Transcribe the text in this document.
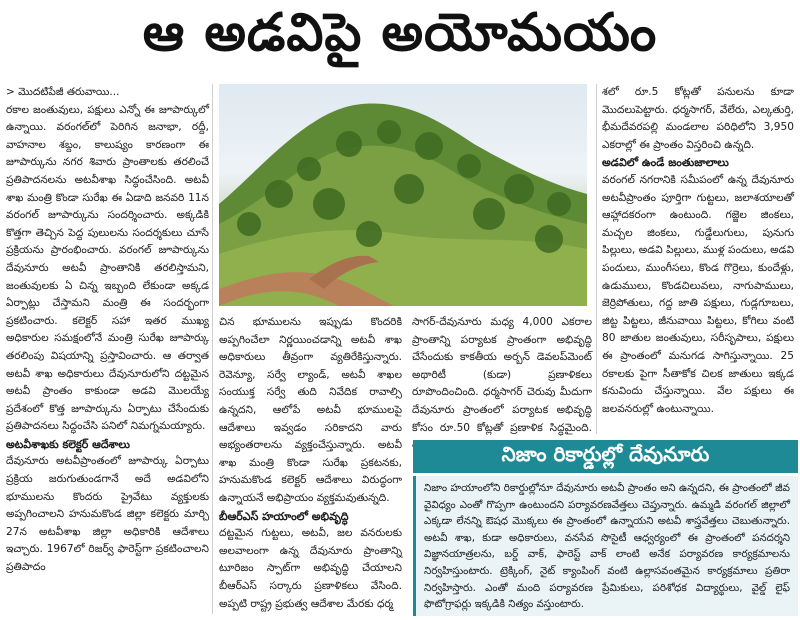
ఆ అడవిపై అయోమయం

> మొదటిపేజీ తరువాయి...

రకాల జంతువులు, పక్షులు ఎన్నో ఈ జూపార్కులో ఉన్నాయి. వరంగల్‌లో పెరిగిన జనాభా, రద్దీ, వాహనాల శబ్దం, కాలుష్యం కారణంగా ఈ జూపార్కును నగర శివారు ప్రాంతాలకు తరలించే ప్రతిపాదనలను అటవీశాఖ సిద్ధంచేసింది. అటవీ శాఖ మంత్రి కొండా సురేఖ ఈ ఏడాది జనవరి 11న వరంగల్ జూపార్కును సందర్శించారు. అక్కడికి కొత్తగా తెచ్చిన పెద్ద పులులను సందర్శకులు చూసే ప్రక్రియను ప్రారంభించారు. వరంగల్ జూపార్కును దేవునూరు అటవీ ప్రాంతానికి తరలిస్తామని, జంతువులకు ఏ చిన్న ఇబ్బంది లేకుండా అక్కడ ఏర్పాట్లు చేస్తామని మంత్రి ఈ సందర్భంగా ప్రకటించారు. కలెక్టర్ సహా ఇతర ముఖ్య అధికారుల సమక్షంలోనే మంత్రి సురేఖ జూపార్కు తరలింపు విషయాన్ని ప్రస్తావించారు. ఆ తర్వాత అటవీ శాఖ అధికారులు దేవునూరులోని దట్టమైన అటవీ ప్రాంతం కాకుండా అడవి మొలయ్యే ప్రదేశంలో కొత్త జూపార్కును ఏర్పాటు చేసేందుకు ప్రతిపాదనలు సిద్ధంచేసి పనిలో నిమగ్నమయ్యారు.

అటవీశాఖకు కలెక్టర్ ఆదేశాలు

దేవునూరు అటవీప్రాంతంలో జూపార్కు ఏర్పాటు ప్రక్రియ జరుగుతుండగానే అదే అడవిలోని భూములను కొందరు ప్రైవేటు వ్యక్తులకు అప్పగించాలని హనుమకొండ జిల్లా కలెక్టరు మార్చి 27న అటవీశాఖ జిల్లా అధికారికి ఆదేశాలు ఇచ్చారు. 1967లో రిజర్వ్ ఫారెస్ట్‌గా ప్రకటించాలని ప్రతిపాదం

చిన భూములను ఇప్పుడు కొందరికి అప్పగించేలా నిర్ణయించడాన్ని అటవీ శాఖ అధికారులు తీవ్రంగా వ్యతిరేకిస్తున్నారు. రెవెన్యూ, సర్వే ల్యాండ్, అటవీ శాఖల సంయుక్త సర్వే తుది నివేదిక రావాల్సి ఉన్నదని, ఆలోపే అటవీ భూములపై ఆదేశాలు ఇవ్వడం సరికాదని వారు అభ్యంతరాలను వ్యక్తంచేస్తున్నారు. అటవీ శాఖ మంత్రి కొండా సురేఖ ప్రకటనకు, హనుమకొండ కలెక్టర్ ఆదేశాలు విరుద్ధంగా ఉన్నాయనే అభిప్రాయం వ్యక్తమవుతున్నది.

బీఆర్ఎస్ హయాంలో అభివృద్ధి

దట్టమైన గుట్టలు, అటవీ, జల వనరులకు అలవాలంగా ఉన్న దేవునూరు ప్రాంతాన్ని టూరిజం స్పాట్‌గా అభివృద్ధి చేయాలని బీఆర్ఎస్ సర్కారు ప్రణాళికలు వేసింది. అప్పటి రాష్ట్ర ప్రభుత్వ ఆదేశాల మేరకు ధర్మ

సాగర్-దేవునూరు మధ్య 4,000 ఎకరాల ప్రాంతాన్ని పర్యాటక ప్రాంతంగా అభివృద్ధి చేసేందుకు కాకతీయ అర్బన్ డెవలప్‌మెంట్ అథారిటీ (కుడా) ప్రణాళికలు రూపొందించింది. ధర్మసాగర్ చెరువు మీదుగా దేవునూరు ప్రాంతంలో పర్యాటక అభివృద్ధి కోసం రూ.50 కోట్లతో ప్రణాళిక సిద్ధమైంది.

శలో రూ.5 కోట్లతో పనులను కూడా మొదలుపెట్టారు. ధర్మసాగర్, వేలేరు, ఎల్కతుర్తి, భీమదేవరపల్లి మండలాల పరిధిలోని 3,950 ఎకరాల్లో ఈ ప్రాంతం విస్తరించి ఉన్నది.

అడవిలో ఉండే జంతుజాలాలు

వరంగల్ నగరానికి సమీపంలో ఉన్న దేవునూరు అటవీప్రాంతం పూర్తిగా గుట్టలు, జలాశయాలతో ఆహ్లాదకరంగా ఉంటుంది. గజ్జెల జింకలు, మచ్చల జింకలు, గుడ్డేలుగులు, పునుగు పిల్లులు, అడవి పిల్లులు, ముళ్ల పందులు, అడవి పందులు, ముంగీసలు, కొండ గొర్రెలు, కుందేళ్లు, ఉడుములు, కొండచిలువలు, నాగుపాములు, జెర్రిపోతులు, గద్ద జాతి పక్షులు, గుడ్లగూబలు, జిట్ట పిట్టలు, జీనువాయి పిట్టలు, కోగిలు వంటి 80 జాతుల జంతువులు, సరీసృపాలు, పక్షులు ఈ ప్రాంతంలో మనుగడ సాగిస్తున్నాయి. 25 రకాలకు పైగా సీతాకోక చిలక జాతులు ఇక్కడ కనువిందు చేస్తున్నాయి. వేల పక్షులు ఈ జలవనరుల్లో ఉంటున్నాయి.

నిజాం రికార్డుల్లో దేవునూరు
నిజాం హయాంలోని రికార్డుల్లోనూ దేవునూరు అటవీ ప్రాంతం అని ఉన్నదని, ఈ ప్రాంతంలో జీవ వైవిధ్యం ఎంతో గొప్పగా ఉంటుందని పర్యావరణవేత్తలు చెప్తున్నారు. ఉమ్మడి వరంగల్ జిల్లాలో ఎక్కడా లేనన్ని ఔషధ మొక్కలు ఈ ప్రాంతంలో ఉన్నాయని అటవీ శాస్త్రవేత్తలు చెబుతున్నారు. అటవీ శాఖ, కుడా అధికారులు, వనసేవ సొసైటీ ఆధ్వర్యంలో ఈ ప్రాంతంలో పనదర్శని విజ్ఞానయాత్రలను, బర్డ్ వాక్, ఫారెస్ట్ వాక్ లాంటి అనేక పర్యావరణ కార్యక్రమాలను నిర్వహిస్తుంటారు. ట్రెక్కింగ్, నైట్ క్యాంపింగ్ వంటి ఉల్లాసవంతమైన కార్యక్రమాలు ప్రతిరా నిర్వహిస్తారు. ఎంతో మంది పర్యావరణ ప్రేమికులు, పరిశోధక విద్యార్థులు, వైల్డ్ లైఫ్ ఫొటోగ్రాఫర్లు ఇక్కడికి నిత్యం వస్తుంటారు.
